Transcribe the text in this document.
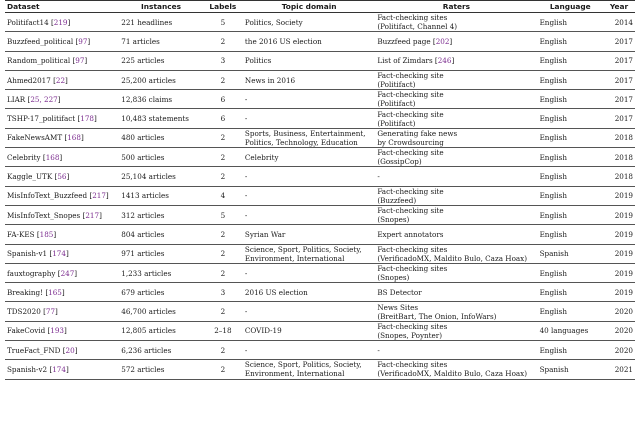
Dataset	Instances	Labels	Topic domain	Raters	Language	Year
Politifact14 [219]	221 headlines	5	Politics, Society	Fact-checking sites
(Politifact, Channel 4)	English	2014
Buzzfeed_political [97]	71 articles	2	the 2016 US election	Buzzfeed page [202]	English	2017
Random_political [97]	225 articles	3	Politics	List of Zimdars [246]	English	2017
Ahmed2017 [22]	25,200 articles	2	News in 2016	Fact-checking site
(Politifact)	English	2017
LIAR [25, 227]	12,836 claims	6	-	Fact-checking site
(Politifact)	English	2017
TSHP-17_politifact [178]	10,483 statements	6	-	Fact-checking site
(Politifact)	English	2017
FakeNewsAMT [168]	480 articles	2	Sports, Business, Entertainment,
Politics, Technology, Education	Generating fake news
by Crowdsourcing	English	2018
Celebrity [168]	500 articles	2	Celebrity	Fact-checking site
(GossipCop)	English	2018
Kaggle_UTK [56]	25,104 articles	2	-	-	English	2018
MisInfoText_Buzzfeed [217]	1413 articles	4	-	Fact-checking site
(Buzzfeed)	English	2019
MisInfoText_Snopes [217]	312 articles	5	-	Fact-checking site
(Snopes)	English	2019
FA-KES [185]	804 articles	2	Syrian War	Expert annotators	English	2019
Spanish-v1 [174]	971 articles	2	Science, Sport, Politics, Society,
Environment, International	Fact-checking sites
(VerificadoMX, Maldito Bulo, Caza Hoax)	Spanish	2019
fauxtography [247]	1,233 articles	2	-	Fact-checking sites
(Snopes)	English	2019
Breaking! [165]	679 articles	3	2016 US election	BS Detector	English	2019
TDS2020 [77]	46,700 articles	2	-	News Sites
(BreitBart, The Onion, InfoWars)	English	2020
FakeCovid [193]	12,805 articles	2–18	COVID-19	Fact-checking sites
(Snopes, Poynter)	40 languages	2020
TrueFact_FND [20]	6,236 articles	2	-	-	English	2020
Spanish-v2 [174]	572 articles	2	Science, Sport, Politics, Society,
Environment, International	Fact-checking sites
(VerificadoMX, Maldito Bulo, Caza Hoax)	Spanish	2021
